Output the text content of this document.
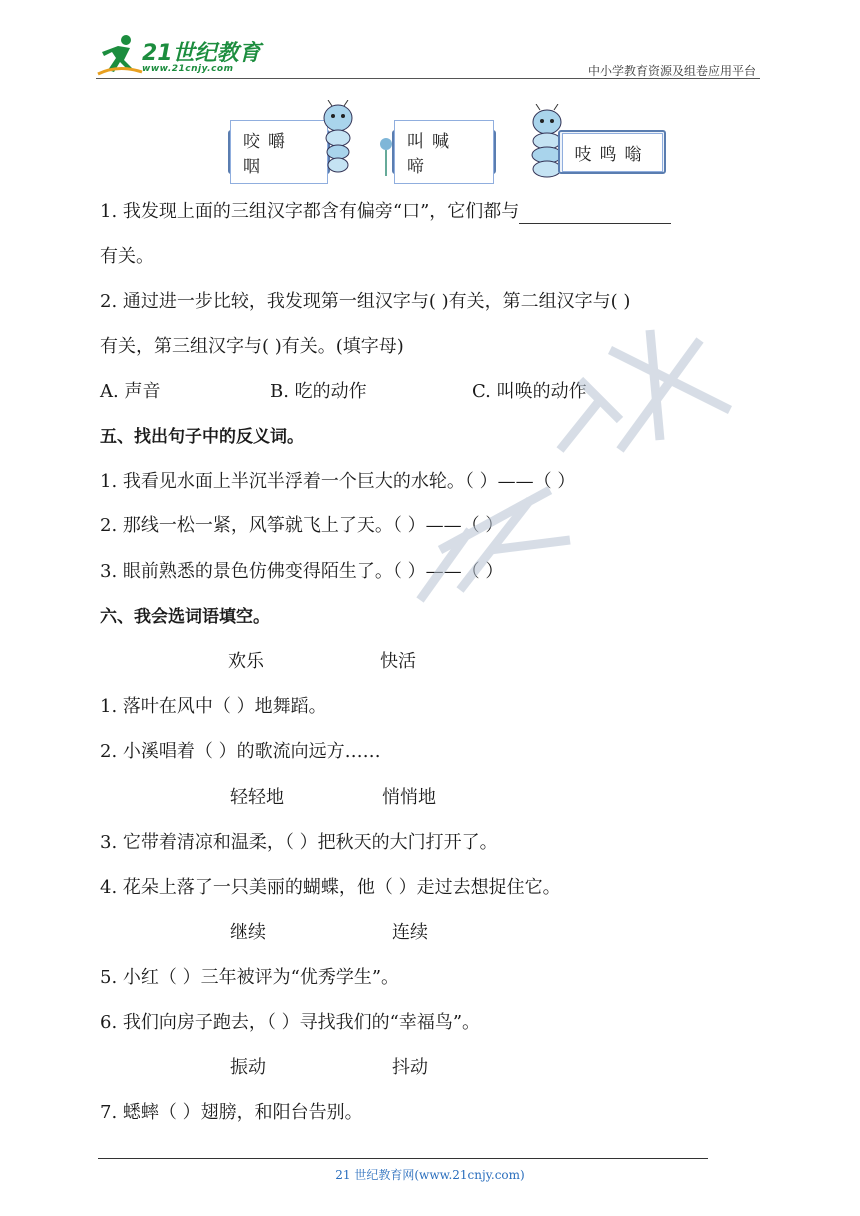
21世纪教育
www.21cnjy.com	中小学教育资源及组卷应用平台
咬嚼咽
叫喊啼
吱鸣嗡
1. 我发现上面的三组汉字都含有偏旁“口”，它们都与
有关。
2. 通过进一步比较，我发现第一组汉字与( )有关，第二组汉字与( )
有关，第三组汉字与( )有关。(填字母)
A. 声音	B. 吃的动作	C. 叫唤的动作
五、找出句子中的反义词。
1. 我看见水面上半沉半浮着一个巨大的水轮。（ ）——（ ）
2. 那线一松一紧，风筝就飞上了天。（ ）——（ ）
3. 眼前熟悉的景色仿佛变得陌生了。（ ）——（ ）
六、我会选词语填空。
欢乐	快活
1. 落叶在风中（ ）地舞蹈。
2. 小溪唱着（ ）的歌流向远方……
轻轻地	悄悄地
3. 它带着清凉和温柔，（ ）把秋天的大门打开了。
4. 花朵上落了一只美丽的蝴蝶，他（ ）走过去想捉住它。
继续	连续
5. 小红（ ）三年被评为“优秀学生”。
6. 我们向房子跑去，（ ）寻找我们的“幸福鸟”。
振动	抖动
7. 蟋蟀（ ）翅膀，和阳台告别。
21 世纪教育网(www.21cnjy.com)
